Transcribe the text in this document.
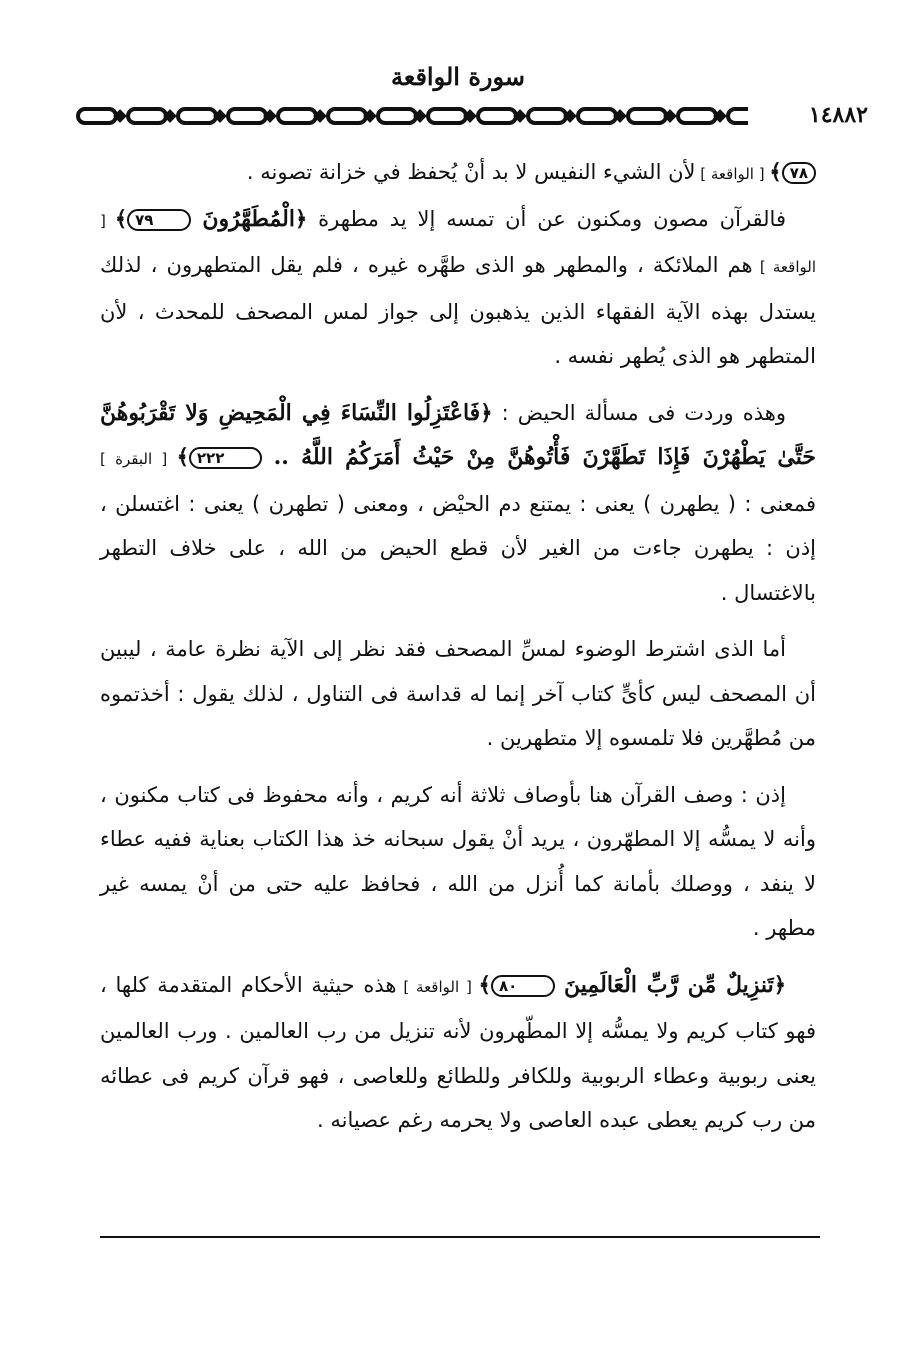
سورة الواقعة
١٤٨٨٢

٧٨﴾ [ الواقعة ] لأن الشيء النفيس لا بد أنْ يُحفظ في خزانة تصونه .

فالقرآن مصون ومكنون عن أن تمسه إلا يد مطهرة ﴿الْمُطَهَّرُونَ ٧٩﴾ [ الواقعة ] هم الملائكة ، والمطهر هو الذى طهَّره غيره ، فلم يقل المتطهرون ، لذلك يستدل بهذه الآية الفقهاء الذين يذهبون إلى جواز لمس المصحف للمحدث ، لأن المتطهر هو الذى يُطهر نفسه .

وهذه وردت فى مسألة الحيض : ﴿فَاعْتَزِلُوا النِّسَاءَ فِي الْمَحِيضِ وَلا تَقْرَبُوهُنَّ حَتَّىٰ يَطْهُرْنَ فَإِذَا تَطَهَّرْنَ فَأْتُوهُنَّ مِنْ حَيْثُ أَمَرَكُمُ اللَّهُ .. ٢٢٢﴾ [ البقرة ] فمعنى : ( يطهرن ) يعنى : يمتنع دم الحيْض ، ومعنى ( تطهرن ) يعنى : اغتسلن ، إذن : يطهرن جاءت من الغير لأن قطع الحيض من الله ، على خلاف التطهر بالاغتسال .

أما الذى اشترط الوضوء لمسِّ المصحف فقد نظر إلى الآية نظرة عامة ، ليبين أن المصحف ليس كأىٍّ كتاب آخر إنما له قداسة فى التناول ، لذلك يقول : أخذتموه من مُطهَّرين فلا تلمسوه إلا متطهرين .

إذن : وصف القرآن هنا بأوصاف ثلاثة أنه كريم ، وأنه محفوظ فى كتاب مكنون ، وأنه لا يمسُّه إلا المطهّرون ، يريد أنْ يقول سبحانه خذ هذا الكتاب بعناية ففيه عطاء لا ينفد ، ووصلك بأمانة كما أُنزل من الله ، فحافظ عليه حتى من أنْ يمسه غير مطهر .

﴿تَنزِيلٌ مِّن رَّبِّ الْعَالَمِينَ ٨٠﴾ [ الواقعة ] هذه حيثية الأحكام المتقدمة كلها ، فهو كتاب كريم ولا يمسُّه إلا المطّهرون لأنه تنزيل من رب العالمين . ورب العالمين يعنى ربوبية وعطاء الربوبية وللكافر وللطائع وللعاصى ، فهو قرآن كريم فى عطائه من رب كريم يعطى عبده العاصى ولا يحرمه رغم عصيانه .
